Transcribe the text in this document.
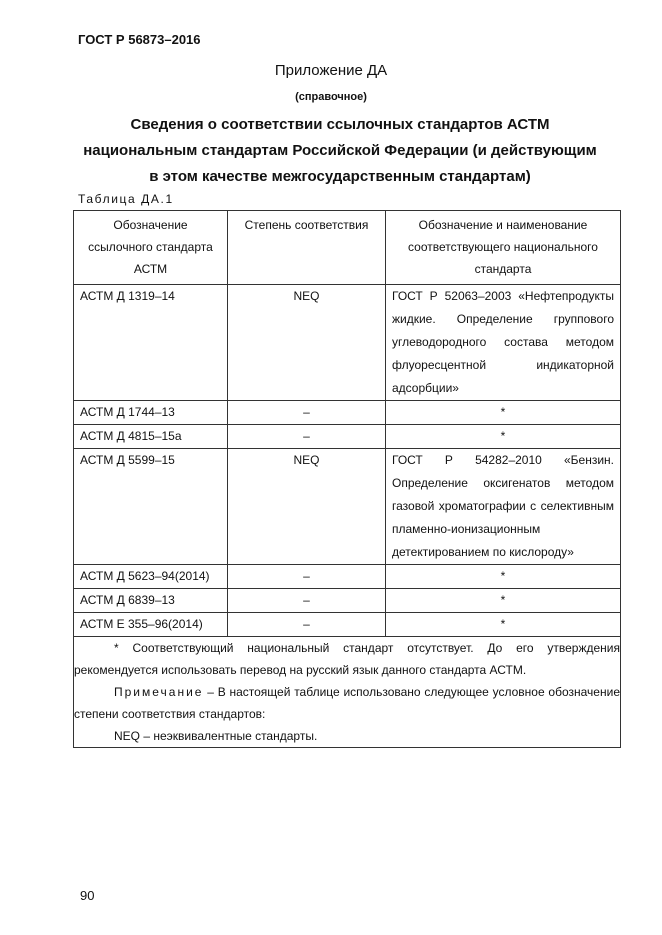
ГОСТ Р 56873–2016
Приложение ДА
(справочное)
Сведения о соответствии ссылочных стандартов АСТМ
национальным стандартам Российской Федерации (и действующим
в этом качестве межгосударственным стандартам)
Таблица ДА.1
Обозначение ссылочного стандарта АСТМ	Степень соответствия	Обозначение и наименование соответствующего национального стандарта
АСТМ Д 1319–14	NEQ	ГОСТ Р 52063–2003 «Нефтепродукты жидкие. Определение группового углеводородного состава методом флуоресцентной индикаторной адсорбции»
АСТМ Д 1744–13	–	*
АСТМ Д 4815–15а	–	*
АСТМ Д 5599–15	NEQ	ГОСТ Р 54282–2010 «Бензин. Определение оксигенатов методом газовой хроматографии с селективным пламенно-ионизационным детектированием по кислороду»
АСТМ Д 5623–94(2014)	–	*
АСТМ Д 6839–13	–	*
АСТМ Е 355–96(2014)	–	*

* Соответствующий национальный стандарт отсутствует. До его утверждения рекомендуется использовать перевод на русский язык данного стандарта АСТМ.

Примечание – В настоящей таблице использовано следующее условное обозначение степени соответствия стандартов:

NEQ – неэквивалентные стандарты.		

90
